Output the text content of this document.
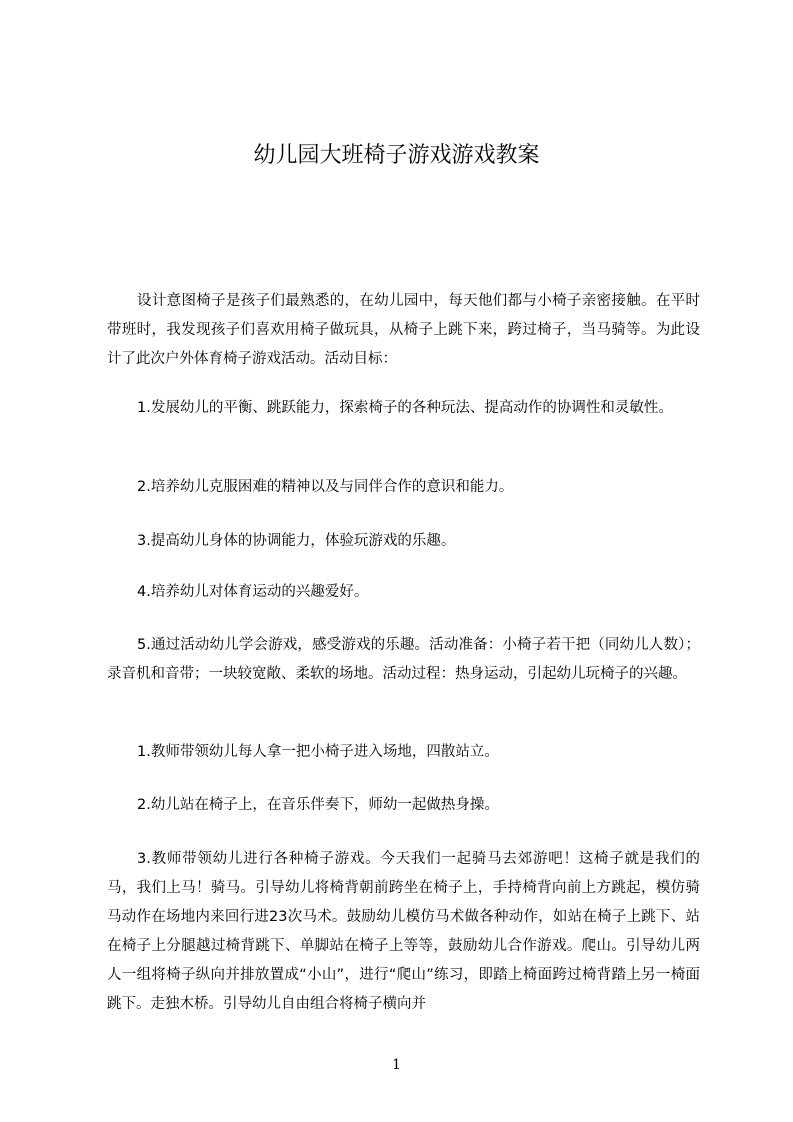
幼儿园大班椅子游戏游戏教案
设计意图椅子是孩子们最熟悉的，在幼儿园中，每天他们都与小椅子亲密接触。在平时带班时，我发现孩子们喜欢用椅子做玩具，从椅子上跳下来，跨过椅子，当马骑等。为此设计了此次户外体育椅子游戏活动。活动目标：
1.发展幼儿的平衡、跳跃能力，探索椅子的各种玩法、提高动作的协调性和灵敏性。
2.培养幼儿克服困难的精神以及与同伴合作的意识和能力。
3.提高幼儿身体的协调能力，体验玩游戏的乐趣。
4.培养幼儿对体育运动的兴趣爱好。
5.通过活动幼儿学会游戏，感受游戏的乐趣。活动准备：小椅子若干把（同幼儿人数）；录音机和音带；一块较宽敞、柔软的场地。活动过程：热身运动，引起幼儿玩椅子的兴趣。
1.教师带领幼儿每人拿一把小椅子进入场地，四散站立。
2.幼儿站在椅子上，在音乐伴奏下，师幼一起做热身操。
3.教师带领幼儿进行各种椅子游戏。今天我们一起骑马去郊游吧！这椅子就是我们的马，我们上马！骑马。引导幼儿将椅背朝前跨坐在椅子上，手持椅背向前上方跳起，模仿骑马动作在场地内来回行进23次马术。鼓励幼儿模仿马术做各种动作，如站在椅子上跳下、站在椅子上分腿越过椅背跳下、单脚站在椅子上等等，鼓励幼儿合作游戏。爬山。引导幼儿两人一组将椅子纵向并排放置成“小山”，进行“爬山”练习，即踏上椅面跨过椅背踏上另一椅面跳下。走独木桥。引导幼儿自由组合将椅子横向并
1
